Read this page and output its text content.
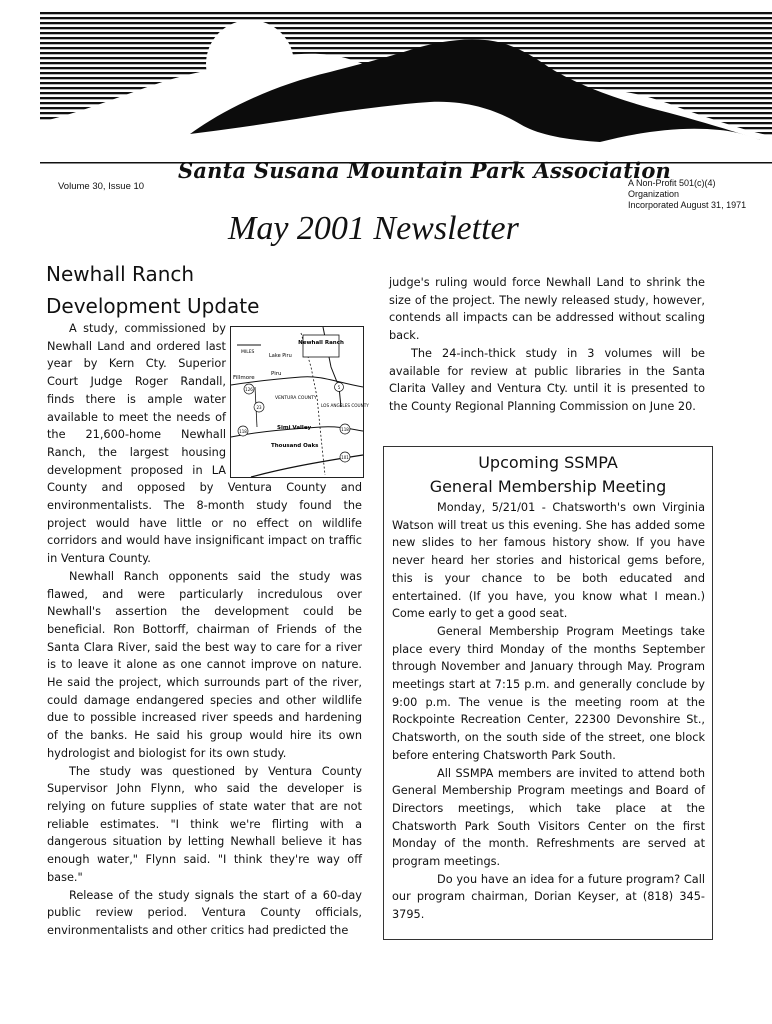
Santa Susana Mountain Park Association
Volume 30, Issue 10	A Non-Profit 501(c)(4) Organization
Incorporated August 31, 1971
May 2001 Newsletter
Newhall Ranch
Development Update
MILES
Newhall Ranch
Lake Piru
Piru
Fillmore
VENTURA COUNTY
LOS ANGELES COUNTY
Simi Valley
Thousand Oaks
126
23
118	118
101
5

A study, commissioned by Newhall Land and ordered last year by Kern Cty. Superior Court Judge Roger Randall, finds there is ample water available to meet the needs of the 21,600-home Newhall Ranch, the largest housing development proposed in LA County and opposed by Ventura County and environmentalists. The 8-month study found the project would have little or no effect on wildlife corridors and would have insignificant impact on traffic in Ventura County.

Newhall Ranch opponents said the study was flawed, and were particularly incredulous over Newhall's assertion the development could be beneficial. Ron Bottorff, chairman of Friends of the Santa Clara River, said the best way to care for a river is to leave it alone as one cannot improve on nature. He said the project, which surrounds part of the river, could damage endangered species and other wildlife due to possible increased river speeds and hardening of the banks. He said his group would hire its own hydrologist and biologist for its own study.

The study was questioned by Ventura County Supervisor John Flynn, who said the developer is relying on future supplies of state water that are not reliable estimates. "I think we're flirting with a dangerous situation by letting Newhall believe it has enough water," Flynn said. "I think they're way off base."

Release of the study signals the start of a 60-day public review period. Ventura County officials, environmentalists and other critics had predicted the

judge's ruling would force Newhall Land to shrink the size of the project. The newly released study, however, contends all impacts can be addressed without scaling back.

The 24-inch-thick study in 3 volumes will be available for review at public libraries in the Santa Clarita Valley and Ventura Cty. until it is presented to the County Regional Planning Commission on June 20.

Upcoming SSMPA
General Membership Meeting

Monday, 5/21/01 - Chatsworth's own Virginia Watson will treat us this evening. She has added some new slides to her famous history show. If you have never heard her stories and historical gems before, this is your chance to be both educated and entertained. (If you have, you know what I mean.) Come early to get a good seat.

General Membership Program Meetings take place every third Monday of the months September through November and January through May. Program meetings start at 7:15 p.m. and generally conclude by 9:00 p.m. The venue is the meeting room at the Rockpointe Recreation Center, 22300 Devonshire St., Chatsworth, on the south side of the street, one block before entering Chatsworth Park South.

All SSMPA members are invited to attend both General Membership Program meetings and Board of Directors meetings, which take place at the Chatsworth Park South Visitors Center on the first Monday of the month. Refreshments are served at program meetings.

Do you have an idea for a future program? Call our program chairman, Dorian Keyser, at (818) 345-3795.
